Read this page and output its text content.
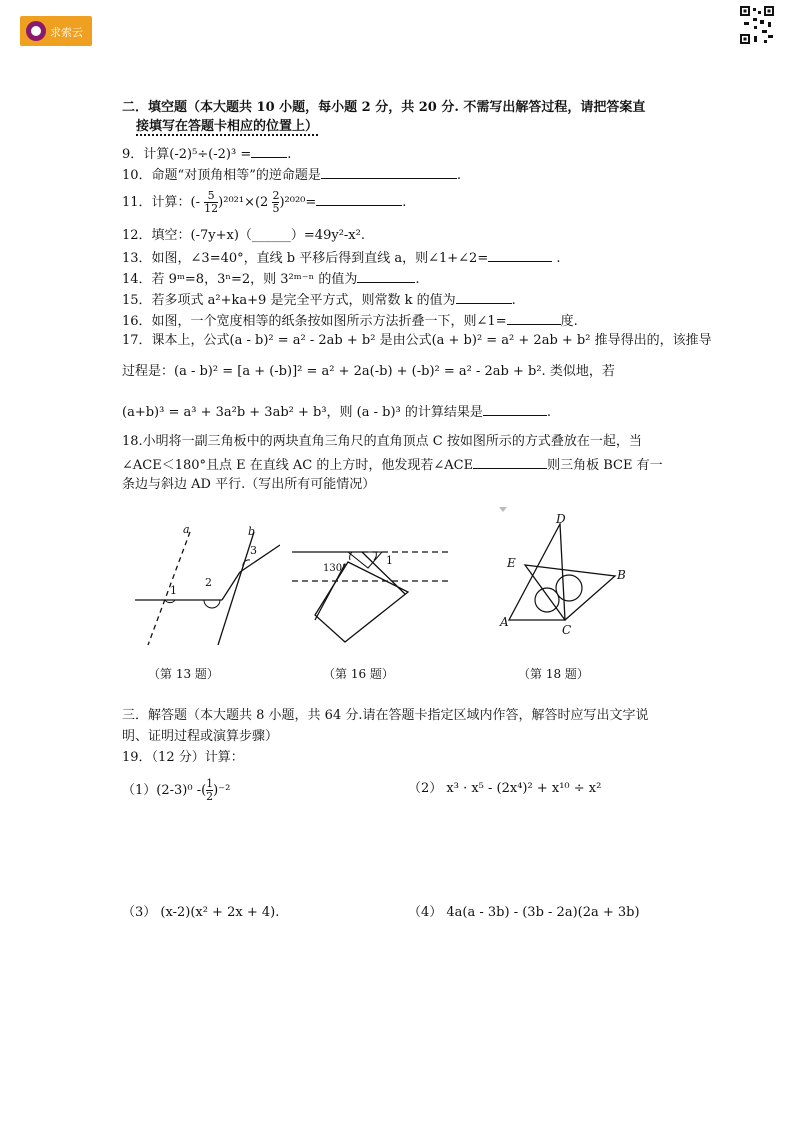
求索云
二．填空题（本大题共 10 小题，每小题 2 分，共 20 分. 不需写出解答过程，请把答案直
接填写在答题卡相应的位置上）
9．计算(-2)⁵÷(-2)³ =	.
10．命题“对顶角相等”的逆命题是	.
11．计算：(- $\frac{5}{12} )^{2021}\times(2 \frac{2}{5} )^{2020}=$	.
12．填空：(-7y+x)（______）=49y²-x².
13．如图，∠3=40°，直线 b 平移后得到直线 a，则∠1+∠2=	.
14．若 9ᵐ=8，3ⁿ=2，则 3²ᵐ⁻ⁿ 的值为	.
15．若多项式 a²+ka+9 是完全平方式，则常数 k 的值为	.
16．如图，一个宽度相等的纸条按如图所示方法折叠一下，则∠1=	度.
17．课本上，公式(a - b)² = a² - 2ab + b² 是由公式(a + b)² = a² + 2ab + b² 推导得出的，该推导
过程是：(a - b)² = [a + (-b)]² = a² + 2a(-b) + (-b)² = a² - 2ab + b². 类似地，若
(a+b)³ = a³ + 3a²b + 3ab² + b³，则 (a - b)³ 的计算结果是	.
18.小明将一副三角板中的两块直角三角尺的直角顶点 C 按如图所示的方式叠放在一起，当
∠ACE＜180°且点 E 在直线 AC 的上方时，他发现若∠ACE	则三角板 BCE 有一
条边与斜边 AD 平行.（写出所有可能情况）
a	b
1
2
3
（第 13 题）
130°
1
（第 16 题）
D
E
B
A
C
（第 18 题）
三．解答题（本大题共 8 小题，共 64 分.请在答题卡指定区域内作答，解答时应写出文字说
明、证明过程或演算步骤）
19．（12 分）计算：
（1）(2-3)⁰ -( $\frac{1}{2} )^{-2}$	（2） x³ · x⁵ - (2x⁴)² + x¹⁰ ÷ x²
（3） (x-2)(x² + 2x + 4).	（4） 4a(a - 3b) - (3b - 2a)(2a + 3b)
